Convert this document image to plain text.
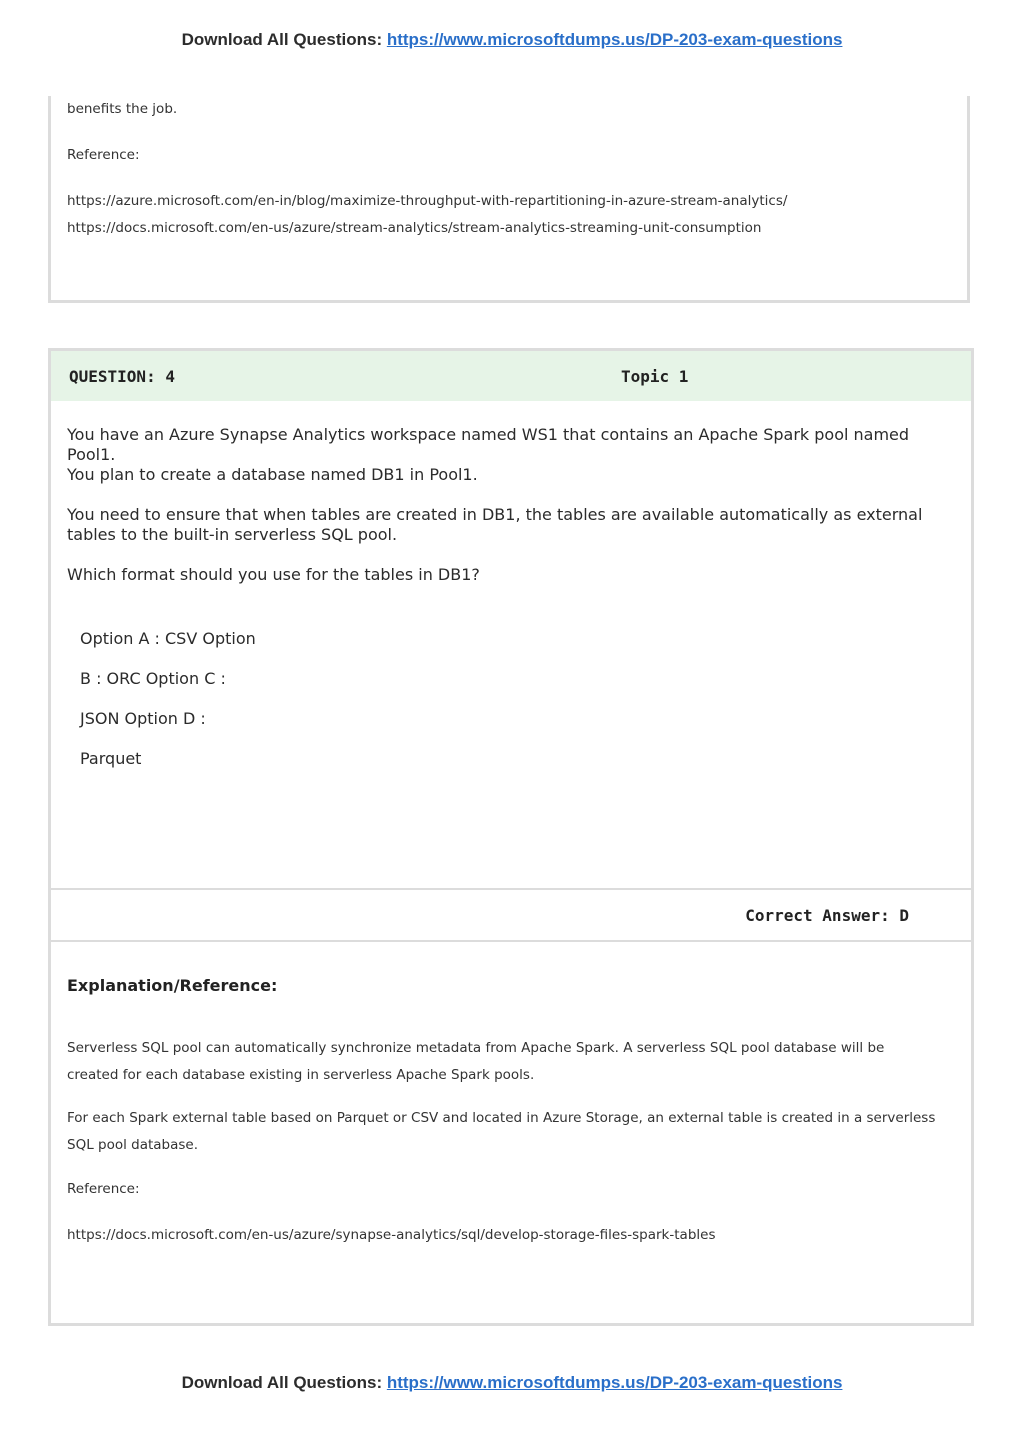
Download All Questions: https://www.microsoftdumps.us/DP-203-exam-questions
benefits the job.
Reference:
https://azure.microsoft.com/en-in/blog/maximize-throughput-with-repartitioning-in-azure-stream-analytics/
https://docs.microsoft.com/en-us/azure/stream-analytics/stream-analytics-streaming-unit-consumption
QUESTION: 4	Topic 1
You have an Azure Synapse Analytics workspace named WS1 that contains an Apache Spark pool named Pool1.
You plan to create a database named DB1 in Pool1.
You need to ensure that when tables are created in DB1, the tables are available automatically as external tables to the built-in serverless SQL pool.
Which format should you use for the tables in DB1?
Option A : CSV Option
B : ORC Option C :
JSON Option D :
Parquet
Correct Answer: D
Explanation/Reference:
Serverless SQL pool can automatically synchronize metadata from Apache Spark. A serverless SQL pool database will be created for each database existing in serverless Apache Spark pools.
For each Spark external table based on Parquet or CSV and located in Azure Storage, an external table is created in a serverless SQL pool database.
Reference:
https://docs.microsoft.com/en-us/azure/synapse-analytics/sql/develop-storage-files-spark-tables
Download All Questions: https://www.microsoftdumps.us/DP-203-exam-questions
